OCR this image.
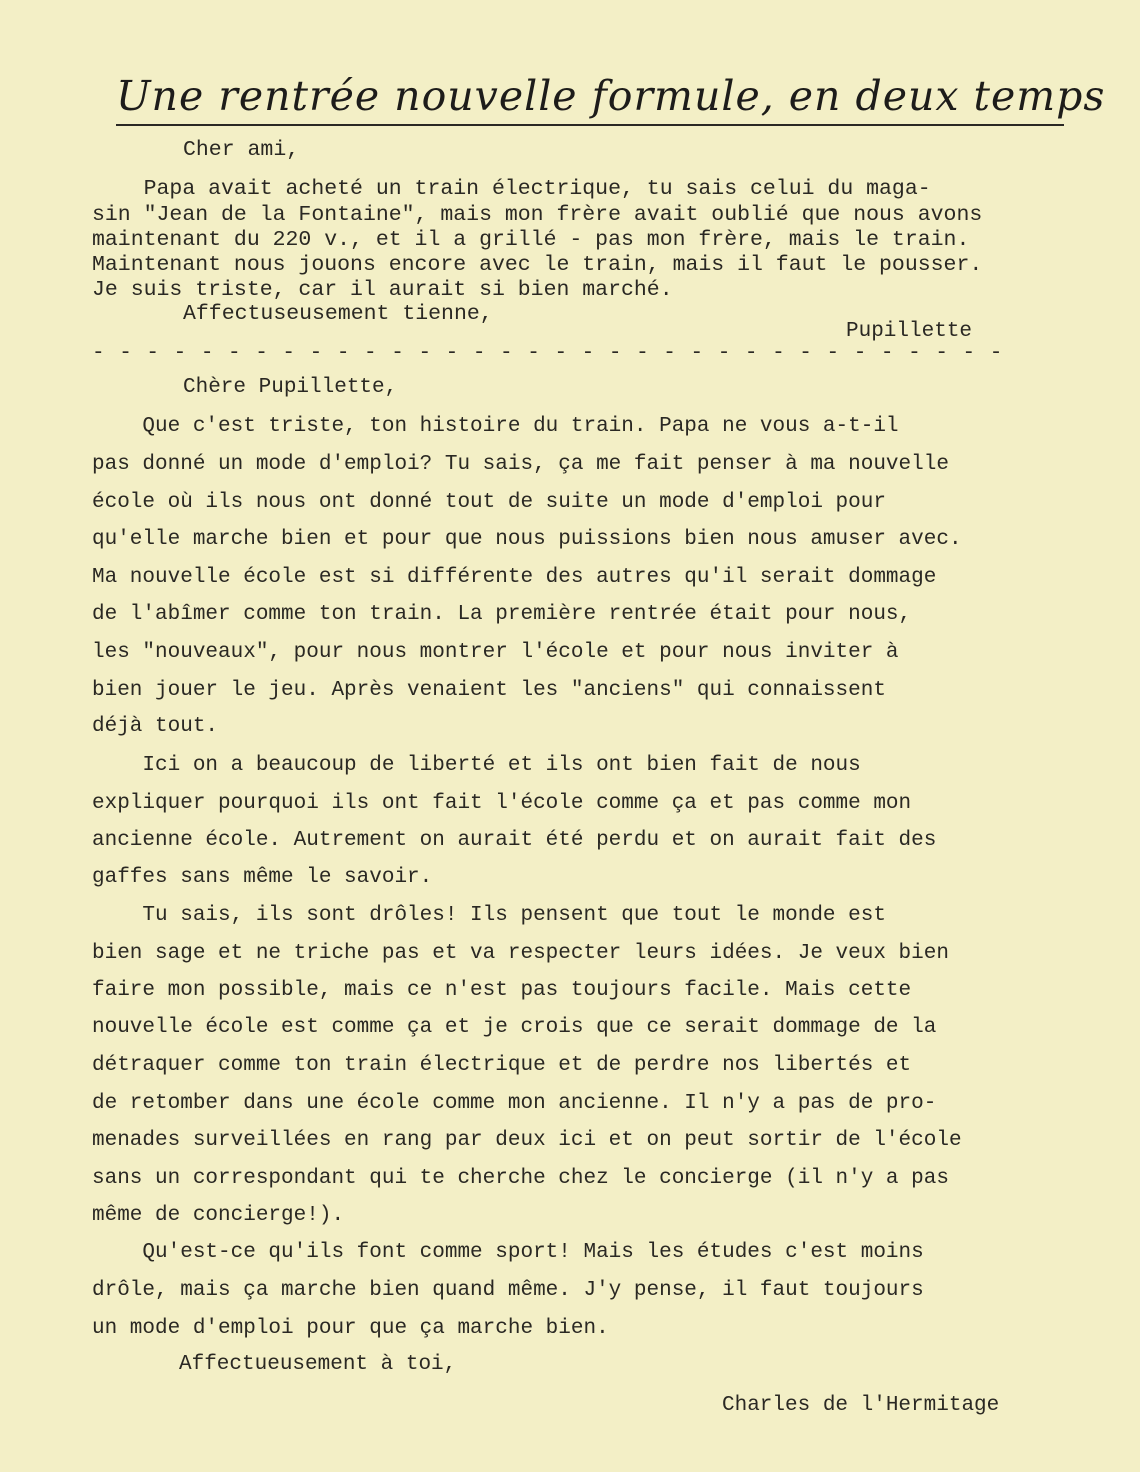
Une rentrée nouvelle formule, en deux temps
Cher ami,
Papa avait acheté un train électrique, tu sais celui du maga-
sin "Jean de la Fontaine", mais mon frère avait oublié que nous avons
maintenant du 220 v., et il a grillé - pas mon frère, mais le train.
Maintenant nous jouons encore avec le train, mais il faut le pousser.
Je suis triste, car il aurait si bien marché.
Affectuseusement tienne,
Pupillette
- - - - - - - - - - - - - - - - - - - - - - - - - - - - - - - - - -
Chère Pupillette,
Que c'est triste, ton histoire du train. Papa ne vous a-t-il
pas donné un mode d'emploi? Tu sais, ça me fait penser à ma nouvelle
école où ils nous ont donné tout de suite un mode d'emploi pour
qu'elle marche bien et pour que nous puissions bien nous amuser avec.
Ma nouvelle école est si différente des autres qu'il serait dommage
de l'abîmer comme ton train. La première rentrée était pour nous,
les "nouveaux", pour nous montrer l'école et pour nous inviter à
bien jouer le jeu. Après venaient les "anciens" qui connaissent
déjà tout.
Ici on a beaucoup de liberté et ils ont bien fait de nous
expliquer pourquoi ils ont fait l'école comme ça et pas comme mon
ancienne école. Autrement on aurait été perdu et on aurait fait des
gaffes sans même le savoir.
Tu sais, ils sont drôles! Ils pensent que tout le monde est
bien sage et ne triche pas et va respecter leurs idées. Je veux bien
faire mon possible, mais ce n'est pas toujours facile. Mais cette
nouvelle école est comme ça et je crois que ce serait dommage de la
détraquer comme ton train électrique et de perdre nos libertés et
de retomber dans une école comme mon ancienne. Il n'y a pas de pro-
menades surveillées en rang par deux ici et on peut sortir de l'école
sans un correspondant qui te cherche chez le concierge (il n'y a pas
même de concierge!).
Qu'est-ce qu'ils font comme sport! Mais les études c'est moins
drôle, mais ça marche bien quand même. J'y pense, il faut toujours
un mode d'emploi pour que ça marche bien.
Affectueusement à toi,
Charles de l'Hermitage
